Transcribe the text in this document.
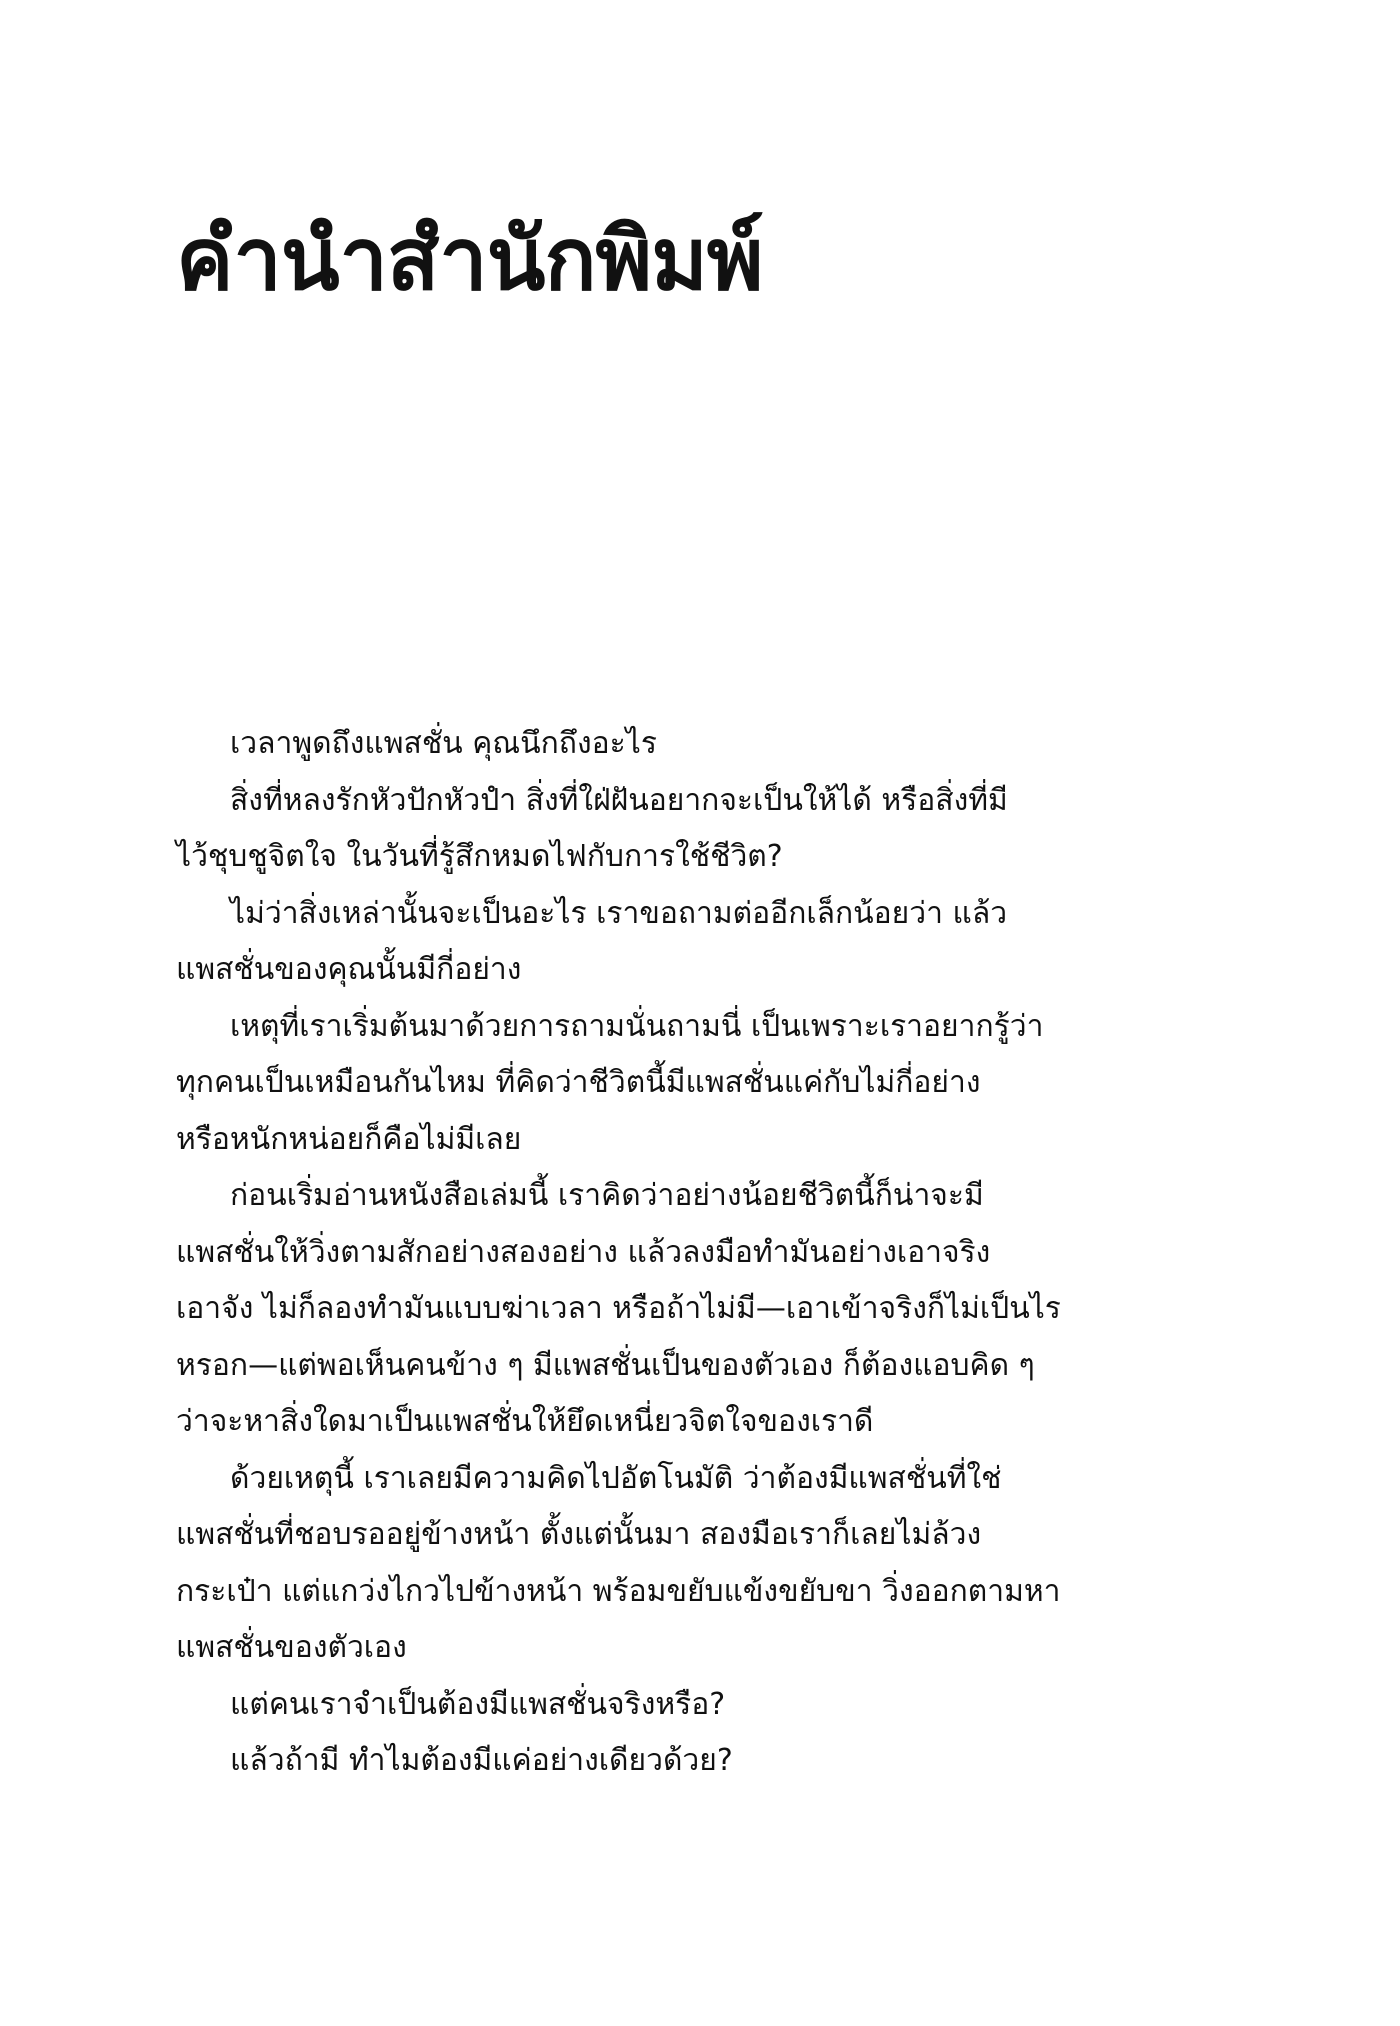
คำนำสำนักพิมพ์
เวลาพูดถึงแพสชั่น คุณนึกถึงอะไร
สิ่งที่หลงรักหัวปักหัวปำ สิ่งที่ใฝ่ฝันอยากจะเป็นให้ได้ หรือสิ่งที่มี
ไว้ชุบชูจิตใจ ในวันที่รู้สึกหมดไฟกับการใช้ชีวิต?
ไม่ว่าสิ่งเหล่านั้นจะเป็นอะไร เราขอถามต่ออีกเล็กน้อยว่า แล้ว
แพสชั่นของคุณนั้นมีกี่อย่าง
เหตุที่เราเริ่มต้นมาด้วยการถามนั่นถามนี่ เป็นเพราะเราอยากรู้ว่า
ทุกคนเป็นเหมือนกันไหม ที่คิดว่าชีวิตนี้มีแพสชั่นแค่กับไม่กี่อย่าง
หรือหนักหน่อยก็คือไม่มีเลย
ก่อนเริ่มอ่านหนังสือเล่มนี้ เราคิดว่าอย่างน้อยชีวิตนี้ก็น่าจะมี
แพสชั่นให้วิ่งตามสักอย่างสองอย่าง แล้วลงมือทำมันอย่างเอาจริง
เอาจัง ไม่ก็ลองทำมันแบบฆ่าเวลา หรือถ้าไม่มี—เอาเข้าจริงก็ไม่เป็นไร
หรอก—แต่พอเห็นคนข้าง ๆ มีแพสชั่นเป็นของตัวเอง ก็ต้องแอบคิด ๆ
ว่าจะหาสิ่งใดมาเป็นแพสชั่นให้ยึดเหนี่ยวจิตใจของเราดี
ด้วยเหตุนี้ เราเลยมีความคิดไปอัตโนมัติ ว่าต้องมีแพสชั่นที่ใช่
แพสชั่นที่ชอบรออยู่ข้างหน้า ตั้งแต่นั้นมา สองมือเราก็เลยไม่ล้วง
กระเป๋า แต่แกว่งไกวไปข้างหน้า พร้อมขยับแข้งขยับขา วิ่งออกตามหา
แพสชั่นของตัวเอง
แต่คนเราจำเป็นต้องมีแพสชั่นจริงหรือ?
แล้วถ้ามี ทำไมต้องมีแค่อย่างเดียวด้วย?
